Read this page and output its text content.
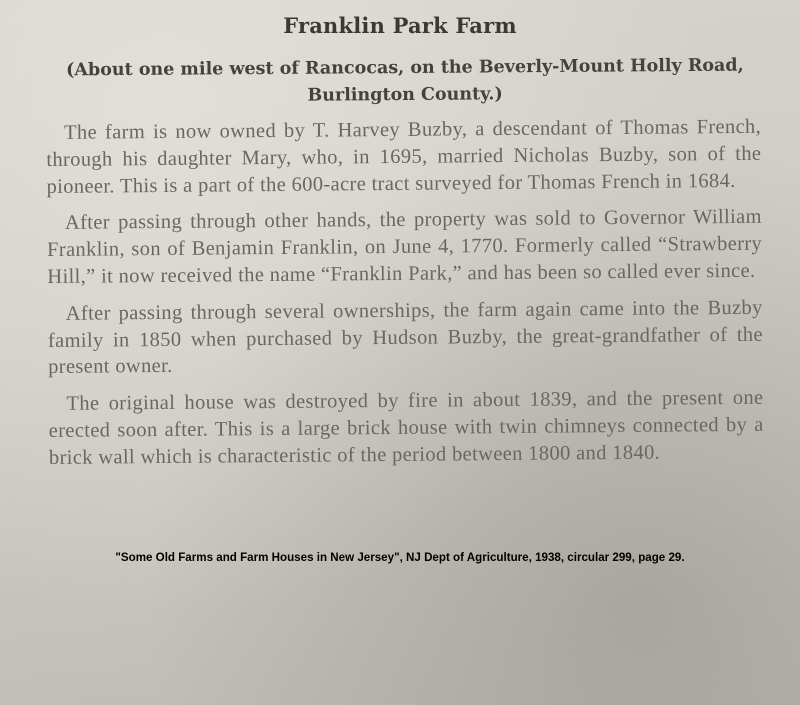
Franklin Park Farm
(About one mile west of Rancocas, on the Beverly-Mount Holly Road, Burlington County.)

The farm is now owned by T. Harvey Buzby, a descendant of Thomas French, through his daughter Mary, who, in 1695, married Nicholas Buzby, son of the pioneer. This is a part of the 600-acre tract surveyed for Thomas French in 1684.

After passing through other hands, the property was sold to Governor William Franklin, son of Benjamin Franklin, on June 4, 1770. Formerly called “Strawberry Hill,” it now received the name “Franklin Park,” and has been so called ever since.

After passing through several ownerships, the farm again came into the Buzby family in 1850 when purchased by Hudson Buzby, the great-grandfather of the present owner.

The original house was destroyed by fire in about 1839, and the present one erected soon after. This is a large brick house with twin chimneys connected by a brick wall which is characteristic of the period between 1800 and 1840.

"Some Old Farms and Farm Houses in New Jersey", NJ Dept of Agriculture, 1938, circular 299, page 29.
